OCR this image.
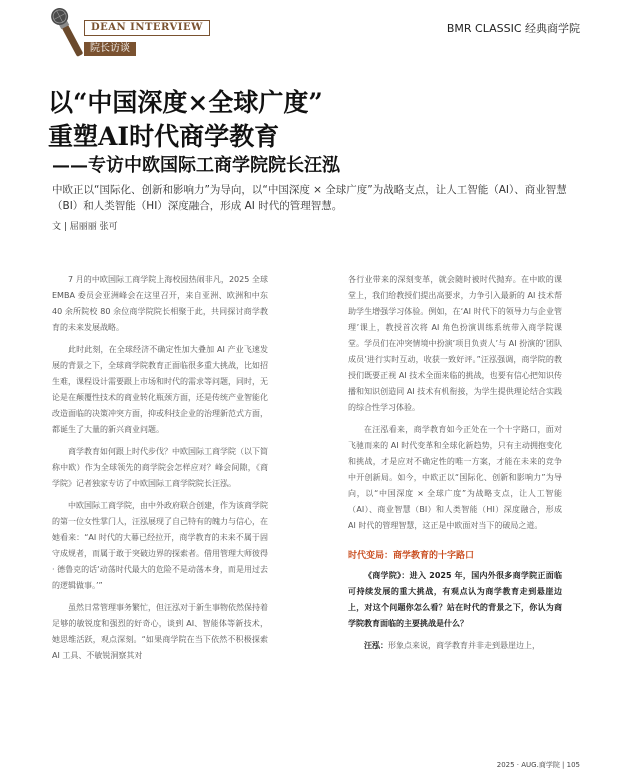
DEAN INTERVIEW
院长访谈
BMR CLASSIC 经典商学院
以“中国深度×全球广度”
重塑AI时代商学教育
——专访中欧国际工商学院院长汪泓
中欧正以“国际化、创新和影响力”为导向，以“中国深度 × 全球广度”为战略支点，让人工智能（AI）、商业智慧（BI）和人类智能（HI）深度融合，形成 AI 时代的管理智慧。
文 | 屈丽丽 张可

7 月的中欧国际工商学院上海校园热闹非凡，2025 全球 EMBA 委员会亚洲峰会在这里召开，来自亚洲、欧洲和中东 40 余所院校 80 余位商学院院长相聚于此，共同探讨商学教育的未来发展战略。

此时此刻，在全球经济不确定性加大叠加 AI 产业飞速发展的背景之下，全球商学院教育正面临很多重大挑战，比如招生难，课程设计需要跟上市场和时代的需求等问题，同时，无论是在颠覆性技术的商业转化瓶颈方面，还是传统产业智能化改造面临的决策冲突方面，抑或科技企业的治理新范式方面，都诞生了大量的新兴商业问题。

商学教育如何跟上时代步伐？中欧国际工商学院（以下简称中欧）作为全球领先的商学院会怎样应对？峰会间隙，《商学院》记者独家专访了中欧国际工商学院院长汪泓。

中欧国际工商学院，由中外政府联合创建，作为该商学院的第一位女性掌门人，汪泓展现了自己特有的魄力与信心，在她看来：“AI 时代的大幕已经拉开，商学教育的未来不属于固守成规者，而属于敢于突破边界的探索者。借用管理大师彼得 · 德鲁克的话‘动荡时代最大的危险不是动荡本身，而是用过去的逻辑做事。’”

虽然日常管理事务繁忙，但汪泓对于新生事物依然保持着足够的敏锐度和强烈的好奇心，谈到 AI、智能体等新技术，她思维活跃，观点深刻。“如果商学院在当下依然不积极探索 AI 工具、不敏锐洞察其对

各行业带来的深刻变革，就会随时被时代抛弃。在中欧的课堂上，我们给教授们提出高要求，力争引入最新的 AI 技术帮助学生增强学习体验。例如，在‘AI 时代下的领导力与企业管理’课上，教授首次将 AI 角色扮演训练系统带入商学院课堂。学员们在冲突情境中扮演‘项目负责人’与 AI 扮演的‘团队成员’进行实时互动，收获一致好评。”汪泓强调，商学院的教授们既要正视 AI 技术全面来临的挑战，也要有信心把知识传播和知识创造同 AI 技术有机衔接，为学生提供理论结合实践的综合性学习体验。

在汪泓看来，商学教育如今正处在一个十字路口，面对飞驰而来的 AI 时代变革和全球化新趋势，只有主动拥抱变化和挑战，才是应对不确定性的唯一方案，才能在未来的竞争中开创新局。如今，中欧正以“国际化、创新和影响力”为导向，以“中国深度 × 全球广度”为战略支点，让人工智能（AI）、商业智慧（BI）和人类智能（HI）深度融合，形成 AI 时代的管理智慧，这正是中欧面对当下的破局之道。

时代变局：商学教育的十字路口

《商学院》：进入 2025 年，国内外很多商学院正面临可持续发展的重大挑战，有观点认为商学教育走到悬崖边上，对这个问题你怎么看？站在时代的背景之下，你认为商学院教育面临的主要挑战是什么？

汪泓：形象点来说，商学教育并非走到悬崖边上，

2025 · AUG.商学院 | 105
